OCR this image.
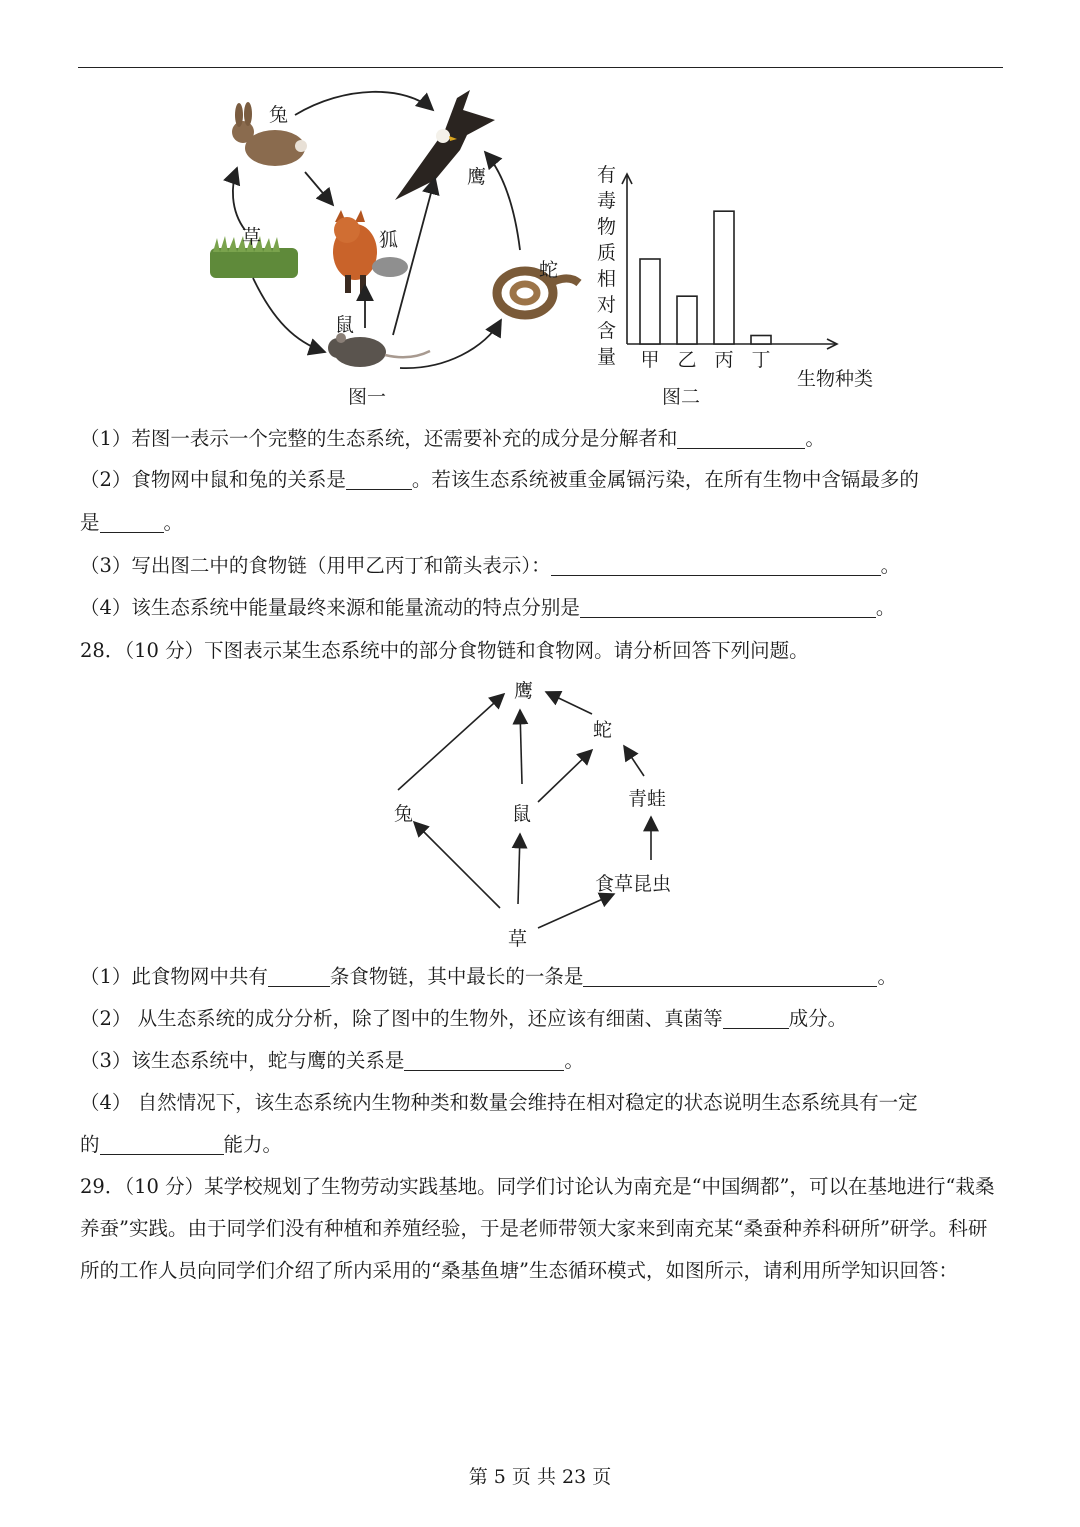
兔
鹰
草	狐
蛇
鼠
图一
有毒物质相对含量 甲 乙 丙 丁
生物种类
图二
（1）若图一表示一个完整的生态系统，还需要补充的成分是分解者和	。
（2）食物网中鼠和兔的关系是	。若该生态系统被重金属镉污染，在所有生物中含镉最多的
是	。
（3）写出图二中的食物链（用甲乙丙丁和箭头表示）：	。
（4）该生态系统中能量最终来源和能量流动的特点分别是	。
28．（10 分）下图表示某生态系统中的部分食物链和食物网。请分析回答下列问题。
鹰
蛇
兔	鼠
青蛙
食草昆虫
草
（1）此食物网中共有	条食物链，其中最长的一条是	。
（2） 从生态系统的成分分析，除了图中的生物外，还应该有细菌、真菌等	成分。
（3）该生态系统中，蛇与鹰的关系是	。
（4） 自然情况下，该生态系统内生物种类和数量会维持在相对稳定的状态说明生态系统具有一定
的	能力。
29．（10 分）某学校规划了生物劳动实践基地。同学们讨论认为南充是“中国绸都”，可以在基地进行“栽桑养蚕”实践。由于同学们没有种植和养殖经验，于是老师带领大家来到南充某“桑蚕种养科研所”研学。科研所的工作人员向同学们介绍了所内采用的“桑基鱼塘”生态循环模式，如图所示，请利用所学知识回答：
第 5 页 共 23 页
